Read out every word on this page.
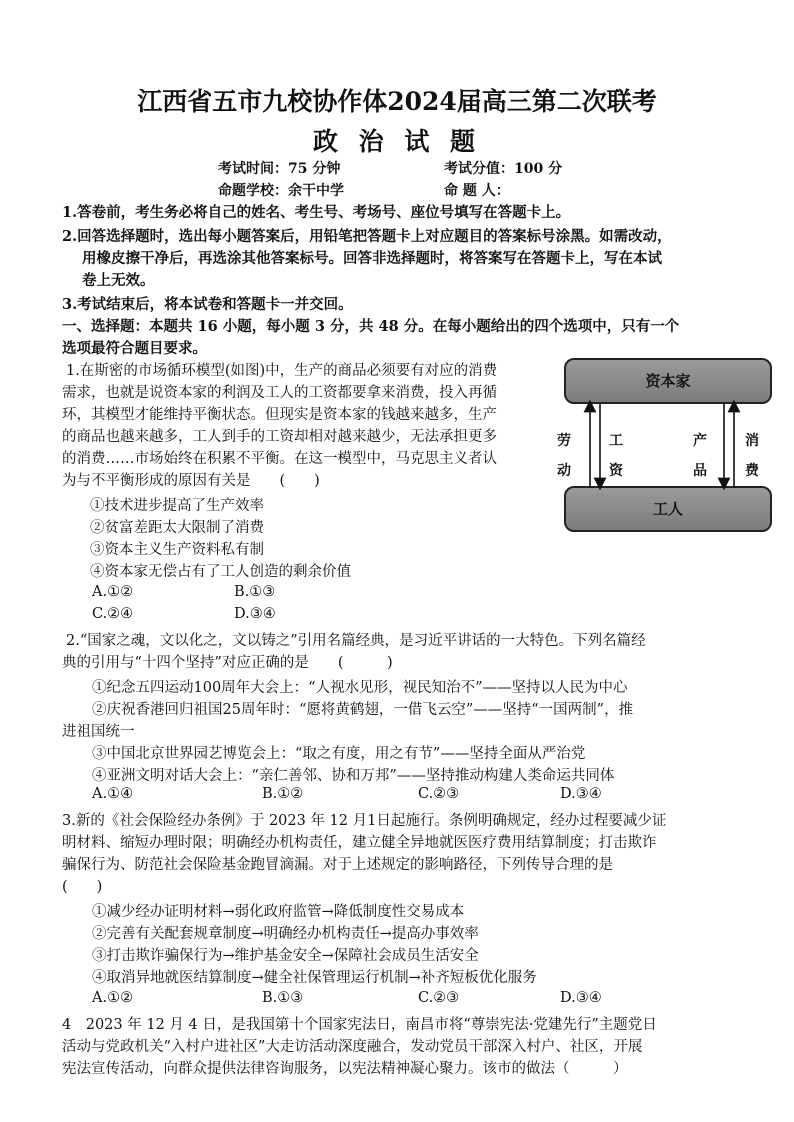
江西省五市九校协作体2024届高三第二次联考
政 治 试 题
考试时间：75 分钟	考试分值：100 分
命题学校：余干中学	命 题 人：
1.答卷前，考生务必将自己的姓名、考生号、考场号、座位号填写在答题卡上。
2.回答选择题时，选出每小题答案后，用铅笔把答题卡上对应题目的答案标号涂黑。如需改动，
用橡皮擦干净后，再选涂其他答案标号。回答非选择题时，将答案写在答题卡上，写在本试
卷上无效。
3.考试结束后，将本试卷和答题卡一并交回。
一、选择题：本题共 16 小题，每小题 3 分，共 48 分。在每小题给出的四个选项中，只有一个
选项最符合题目要求。
1.在斯密的市场循环模型(如图)中，生产的商品必须要有对应的消费
需求，也就是说资本家的利润及工人的工资都要拿来消费，投入再循
环，其模型才能维持平衡状态。但现实是资本家的钱越来越多，生产
的商品也越来越多，工人到手的工资却相对越来越少，无法承担更多
的消费……市场始终在积累不平衡。在这一模型中，马克思主义者认
为与不平衡形成的原因有关是　　(　　)
①技术进步提高了生产效率
②贫富差距太大限制了消费
③资本主义生产资料私有制
④资本家无偿占有了工人创造的剩余价值
A.①②	B.①③
C.②④	D.③④
资本家
工人
劳动
工资
产品
消费
2.“国家之魂，文以化之，文以铸之”引用名篇经典，是习近平讲话的一大特色。下列名篇经
典的引用与“十四个坚持”对应正确的是　　(　　　)
①纪念五四运动100周年大会上：“人视水见形，视民知治不”——坚持以人民为中心
②庆祝香港回归祖国25周年时：“愿将黄鹤翅，一借飞云空”——坚持“一国两制”，推
进祖国统一
③中国北京世界园艺博览会上：“取之有度，用之有节”——坚持全面从严治党
④亚洲文明对话大会上：“亲仁善邻、协和万邦”——坚持推动构建人类命运共同体
A.①④	B.①②	C.②③	D.③④
3.新的《社会保险经办条例》于 2023 年 12 月1日起施行。条例明确规定，经办过程要减少证
明材料、缩短办理时限；明确经办机构责任，建立健全异地就医医疗费用结算制度；打击欺诈
骗保行为、防范社会保险基金跑冒滴漏。对于上述规定的影响路径，下列传导合理的是
(　　)
①减少经办证明材料→弱化政府监管→降低制度性交易成本
②完善有关配套规章制度→明确经办机构责任→提高办事效率
③打击欺诈骗保行为→维护基金安全→保障社会成员生活安全
④取消异地就医结算制度→健全社保管理运行机制→补齐短板优化服务
A.①②	B.①③	C.②③	D.③④
4　2023 年 12 月 4 日，是我国第十个国家宪法日，南昌市将“尊崇宪法·党建先行”主题党日
活动与党政机关“入村户进社区”大走访活动深度融合，发动党员干部深入村户、社区，开展
宪法宣传活动，向群众提供法律咨询服务，以宪法精神凝心聚力。该市的做法（　　　）
